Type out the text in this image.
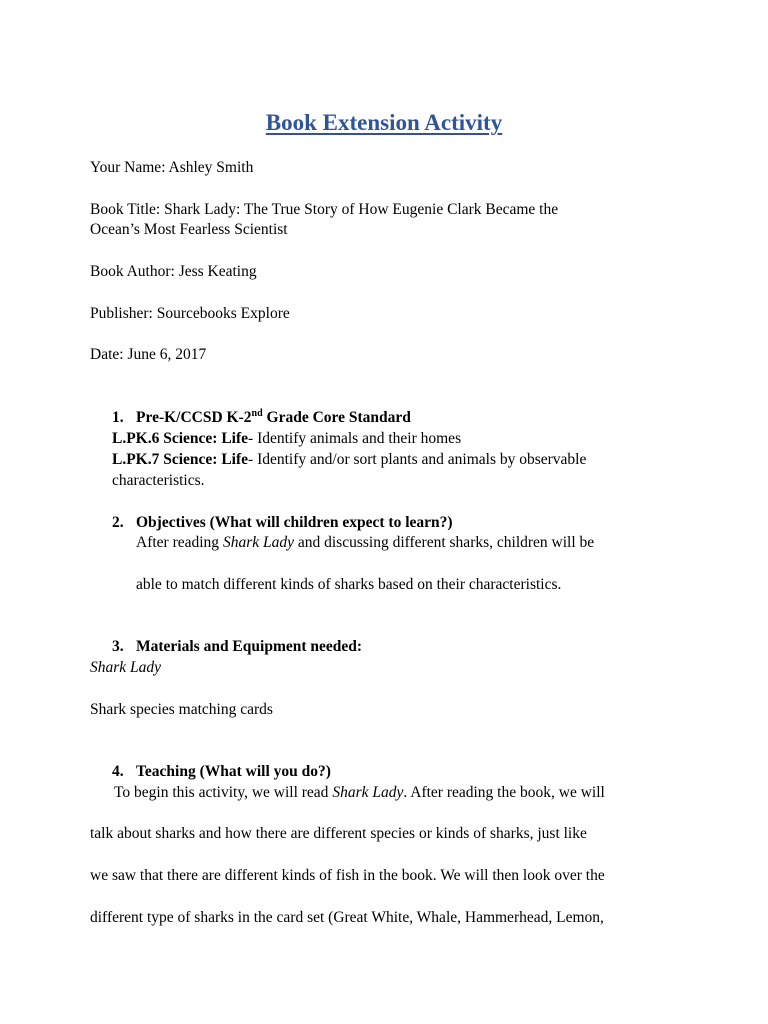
Book Extension Activity
Your Name: Ashley Smith
Book Title: Shark Lady: The True Story of How Eugenie Clark Became the
Ocean’s Most Fearless Scientist
Book Author: Jess Keating
Publisher: Sourcebooks Explore
Date: June 6, 2017
1. Pre-K/CCSD K-2nd Grade Core Standard
L.PK.6 Science: Life- Identify animals and their homes
L.PK.7 Science: Life- Identify and/or sort plants and animals by observable
characteristics.
2. Objectives (What will children expect to learn?)
After reading Shark Lady and discussing different sharks, children will be
able to match different kinds of sharks based on their characteristics.
3. Materials and Equipment needed:
Shark Lady
Shark species matching cards
4. Teaching (What will you do?)
To begin this activity, we will read Shark Lady. After reading the book, we will
talk about sharks and how there are different species or kinds of sharks, just like
we saw that there are different kinds of fish in the book. We will then look over the
different type of sharks in the card set (Great White, Whale, Hammerhead, Lemon,
